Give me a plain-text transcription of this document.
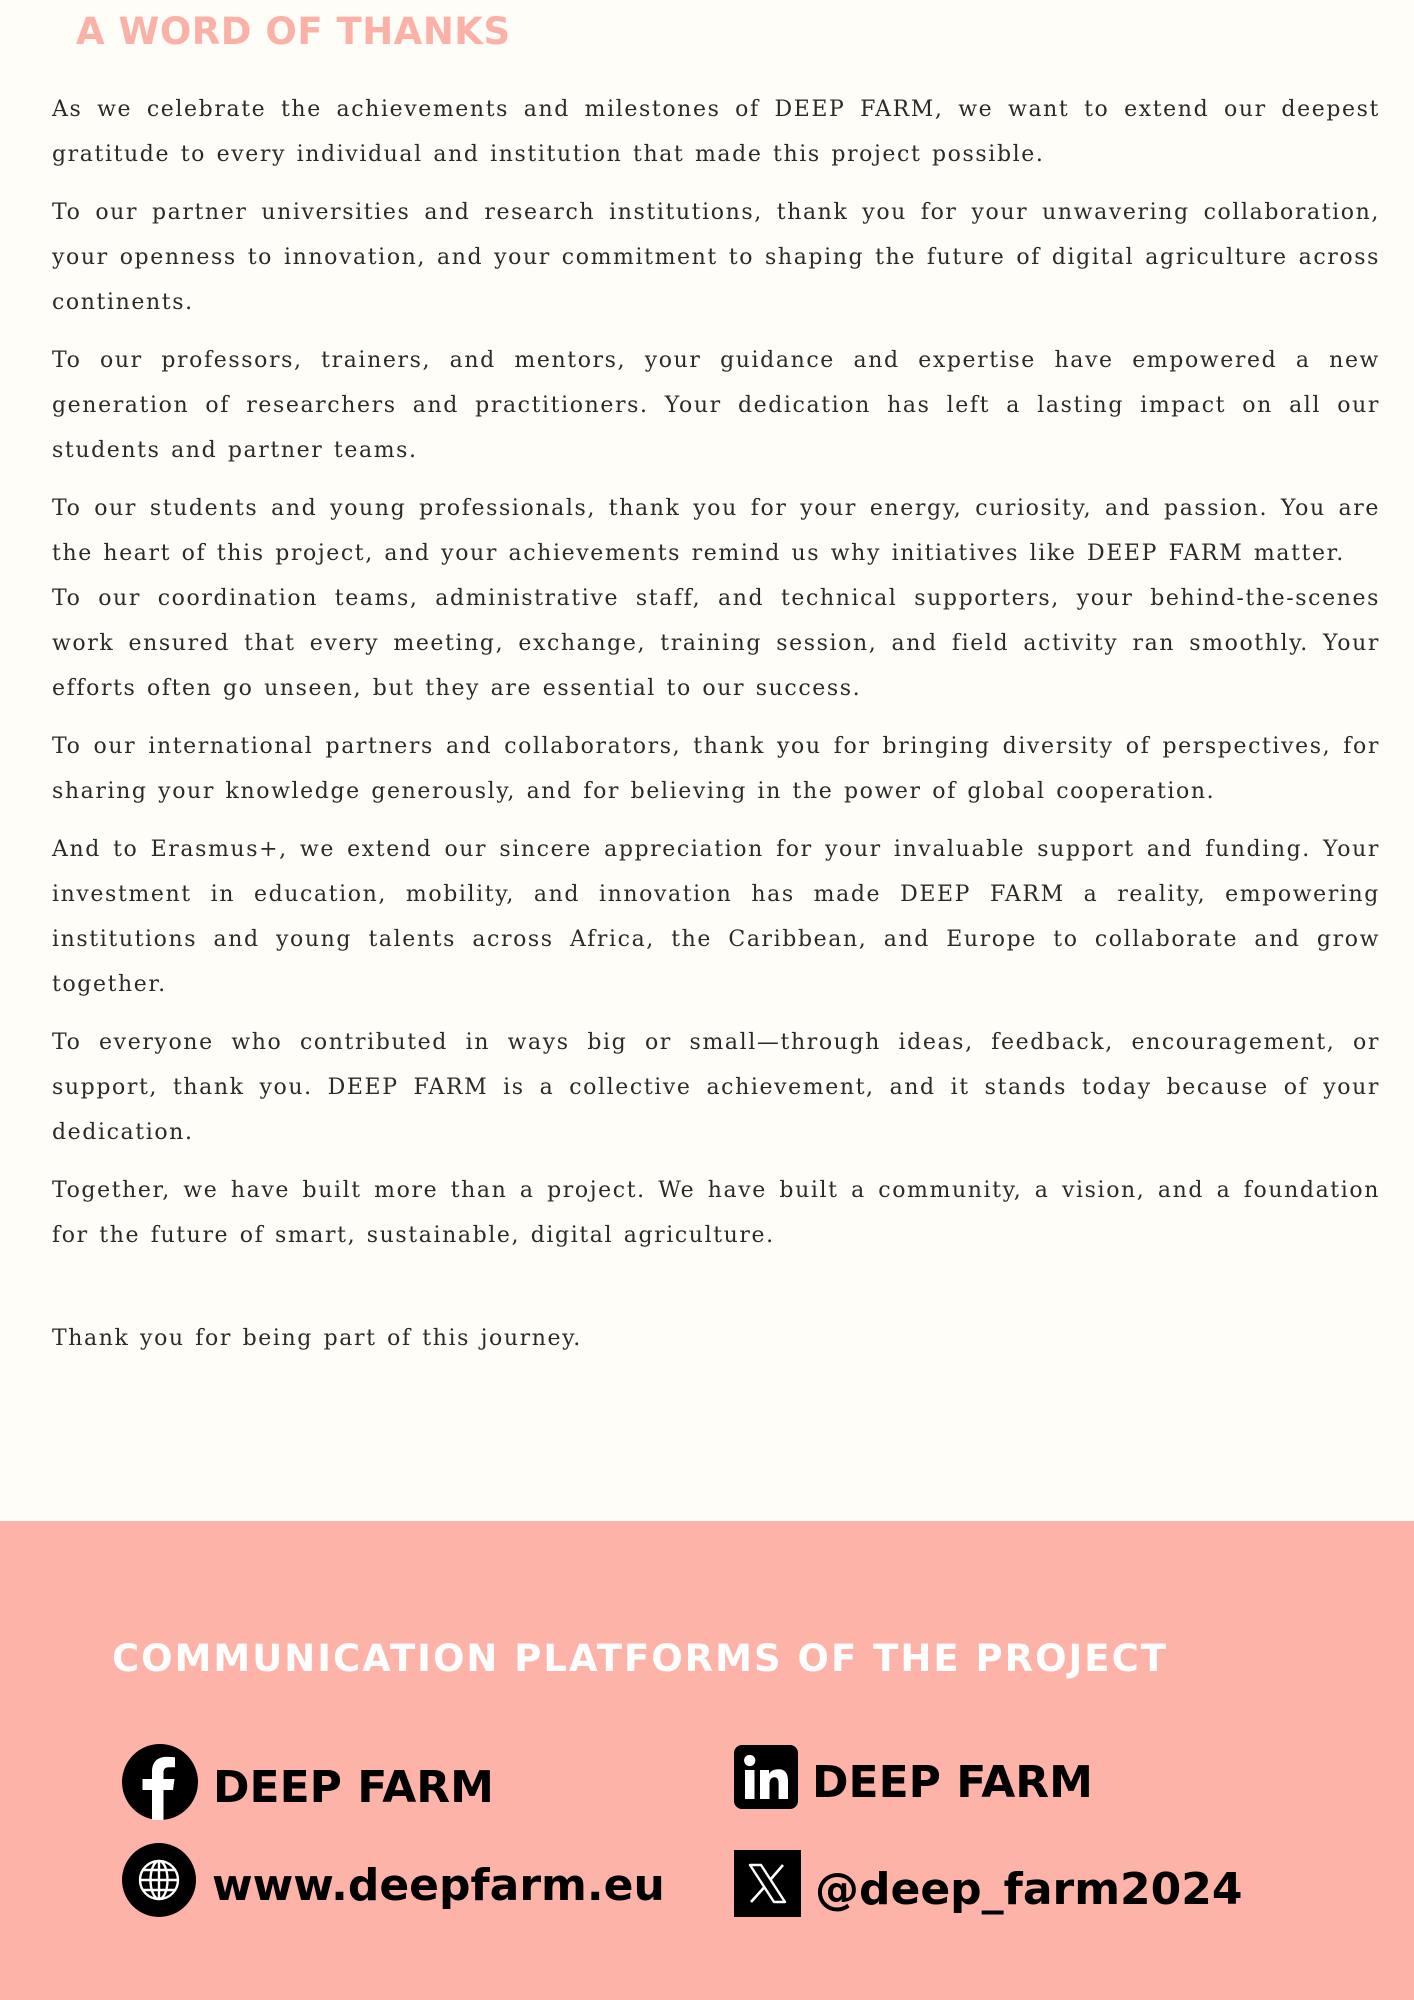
A WORD OF THANKS

As we celebrate the achievements and milestones of DEEP FARM, we want to extend our deepest gratitude to every individual and institution that made this project possible.

To our partner universities and research institutions, thank you for your unwavering collaboration, your openness to innovation, and your commitment to shaping the future of digital agriculture across continents.

To our professors, trainers, and mentors, your guidance and expertise have empowered a new generation of researchers and practitioners. Your dedication has left a lasting impact on all our students and partner teams.

To our students and young professionals, thank you for your energy, curiosity, and passion. You are the heart of this project, and your achievements remind us why initiatives like DEEP FARM matter.

To our coordination teams, administrative staff, and technical supporters, your behind-the-scenes work ensured that every meeting, exchange, training session, and field activity ran smoothly. Your efforts often go unseen, but they are essential to our success.

To our international partners and collaborators, thank you for bringing diversity of perspectives, for sharing your knowledge generously, and for believing in the power of global cooperation.

And to Erasmus+, we extend our sincere appreciation for your invaluable support and funding. Your investment in education, mobility, and innovation has made DEEP FARM a reality, empowering institutions and young talents across Africa, the Caribbean, and Europe to collaborate and grow together.

To everyone who contributed in ways big or small—through ideas, feedback, encouragement, or support, thank you. DEEP FARM is a collective achievement, and it stands today because of your dedication.

Together, we have built more than a project. We have built a community, a vision, and a foundation for the future of smart, sustainable, digital agriculture.

Thank you for being part of this journey.

COMMUNICATION PLATFORMS OF THE PROJECT
DEEP FARM	DEEP FARM
www.deepfarm.eu	@deep_farm2024
